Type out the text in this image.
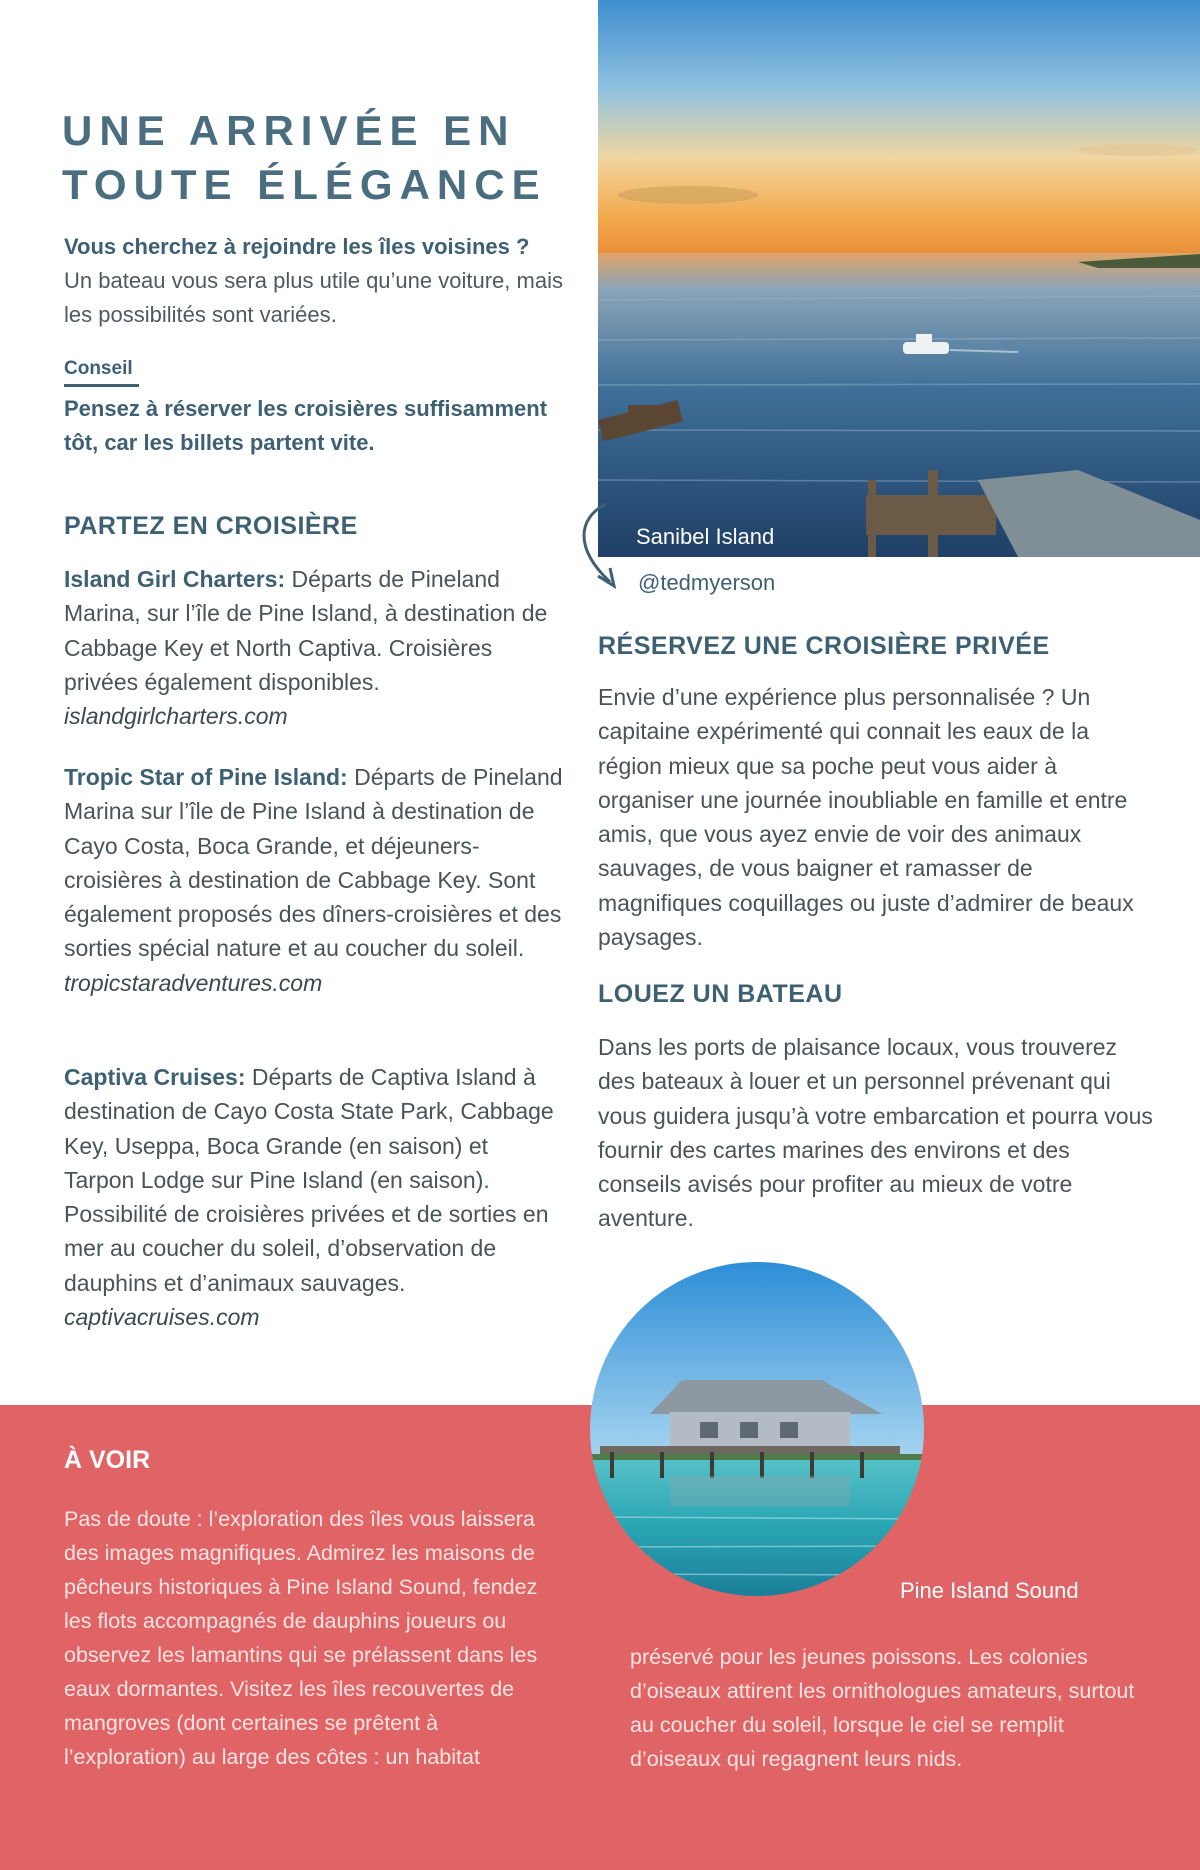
UNE ARRIVÉE EN
TOUTE ÉLÉGANCE
Vous cherchez à rejoindre les îles voisines ?
Un bateau vous sera plus utile qu’une voiture, mais les possibilités sont variées.
Conseil
Pensez à réserver les croisières suffisamment tôt, car les billets partent vite.
PARTEZ EN CROISIÈRE
Island Girl Charters: Départs de Pineland Marina, sur l’île de Pine Island, à destination de Cabbage Key et North Captiva. Croisières privées également disponibles. islandgirlcharters.com
Tropic Star of Pine Island: Départs de Pineland Marina sur l’île de Pine Island à destination de Cayo Costa, Boca Grande, et déjeuners-croisières à destination de Cabbage Key. Sont également proposés des dîners-croisières et des sorties spécial nature et au coucher du soleil. tropicstaradventures.com
Captiva Cruises: Départs de Captiva Island à destination de Cayo Costa State Park, Cabbage Key, Useppa, Boca Grande (en saison) et Tarpon Lodge sur Pine Island (en saison). Possibilité de croisières privées et de sorties en mer au coucher du soleil, d’observation de dauphins et d’animaux sauvages. captivacruises.com
Sanibel Island
@tedmyerson
RÉSERVEZ UNE CROISIÈRE PRIVÉE
Envie d’une expérience plus personnalisée ? Un capitaine expérimenté qui connait les eaux de la région mieux que sa poche peut vous aider à organiser une journée inoubliable en famille et entre amis, que vous ayez envie de voir des animaux sauvages, de vous baigner et ramasser de magnifiques coquillages ou juste d’admirer de beaux paysages.
LOUEZ UN BATEAU
Dans les ports de plaisance locaux, vous trouverez des bateaux à louer et un personnel prévenant qui vous guidera jusqu’à votre embarcation et pourra vous fournir des cartes marines des environs et des conseils avisés pour profiter au mieux de votre aventure.
À VOIR
Pas de doute : l’exploration des îles vous laissera des images magnifiques. Admirez les maisons de pêcheurs historiques à Pine Island Sound, fendez les flots accompagnés de dauphins joueurs ou observez les lamantins qui se prélassent dans les eaux dormantes. Visitez les îles recouvertes de mangroves (dont certaines se prêtent à l’exploration) au large des côtes : un habitat
préservé pour les jeunes poissons. Les colonies d’oiseaux attirent les ornithologues amateurs, surtout au coucher du soleil, lorsque le ciel se remplit d’oiseaux qui regagnent leurs nids.
Pine Island Sound
